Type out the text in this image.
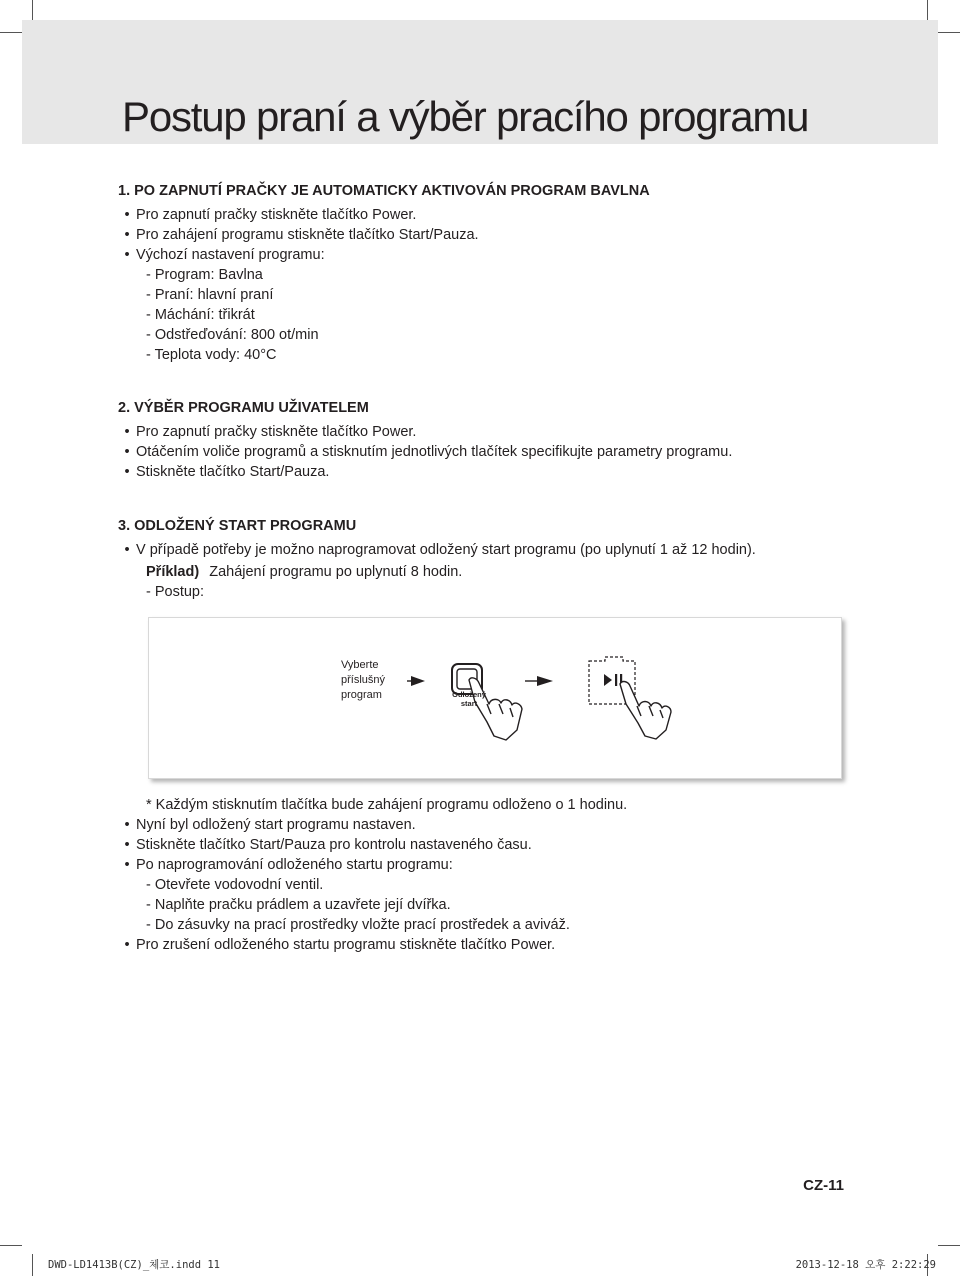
Postup praní a výběr pracího programu
1. PO ZAPNUTÍ PRAČKY JE AUTOMATICKY AKTIVOVÁN PROGRAM BAVLNA
• Pro zapnutí pračky stiskněte tlačítko Power.
• Pro zahájení programu stiskněte tlačítko Start/Pauza.
• Výchozí nastavení programu:
- Program: Bavlna
- Praní: hlavní praní
- Máchání: třikrát
- Odstřeďování: 800 ot/min
- Teplota vody: 40°C
2. VÝBĚR PROGRAMU UŽIVATELEM
• Pro zapnutí pračky stiskněte tlačítko Power.
• Otáčením voliče programů a stisknutím jednotlivých tlačítek specifikujte parametry programu.
• Stiskněte tlačítko Start/Pauza.
3. ODLOŽENÝ START PROGRAMU
• V případě potřeby je možno naprogramovat odložený start programu (po uplynutí 1 až 12 hodin).
Příklad) Zahájení programu po uplynutí 8 hodin.
- Postup:
Vyberte
příslušný
program	Odložený
start
* Každým stisknutím tlačítka bude zahájení programu odloženo o 1 hodinu.
• Nyní byl odložený start programu nastaven.
• Stiskněte tlačítko Start/Pauza pro kontrolu nastaveného času.
• Po naprogramování odloženého startu programu:
- Otevřete vodovodní ventil.
- Naplňte pračku prádlem a uzavřete její dvířka.
- Do zásuvky na prací prostředky vložte prací prostředek a aviváž.
• Pro zrušení odloženého startu programu stiskněte tlačítko Power.
CZ-11
DWD-LD1413B(CZ)_체코.indd 11	2013-12-18 오후 2:22:29
